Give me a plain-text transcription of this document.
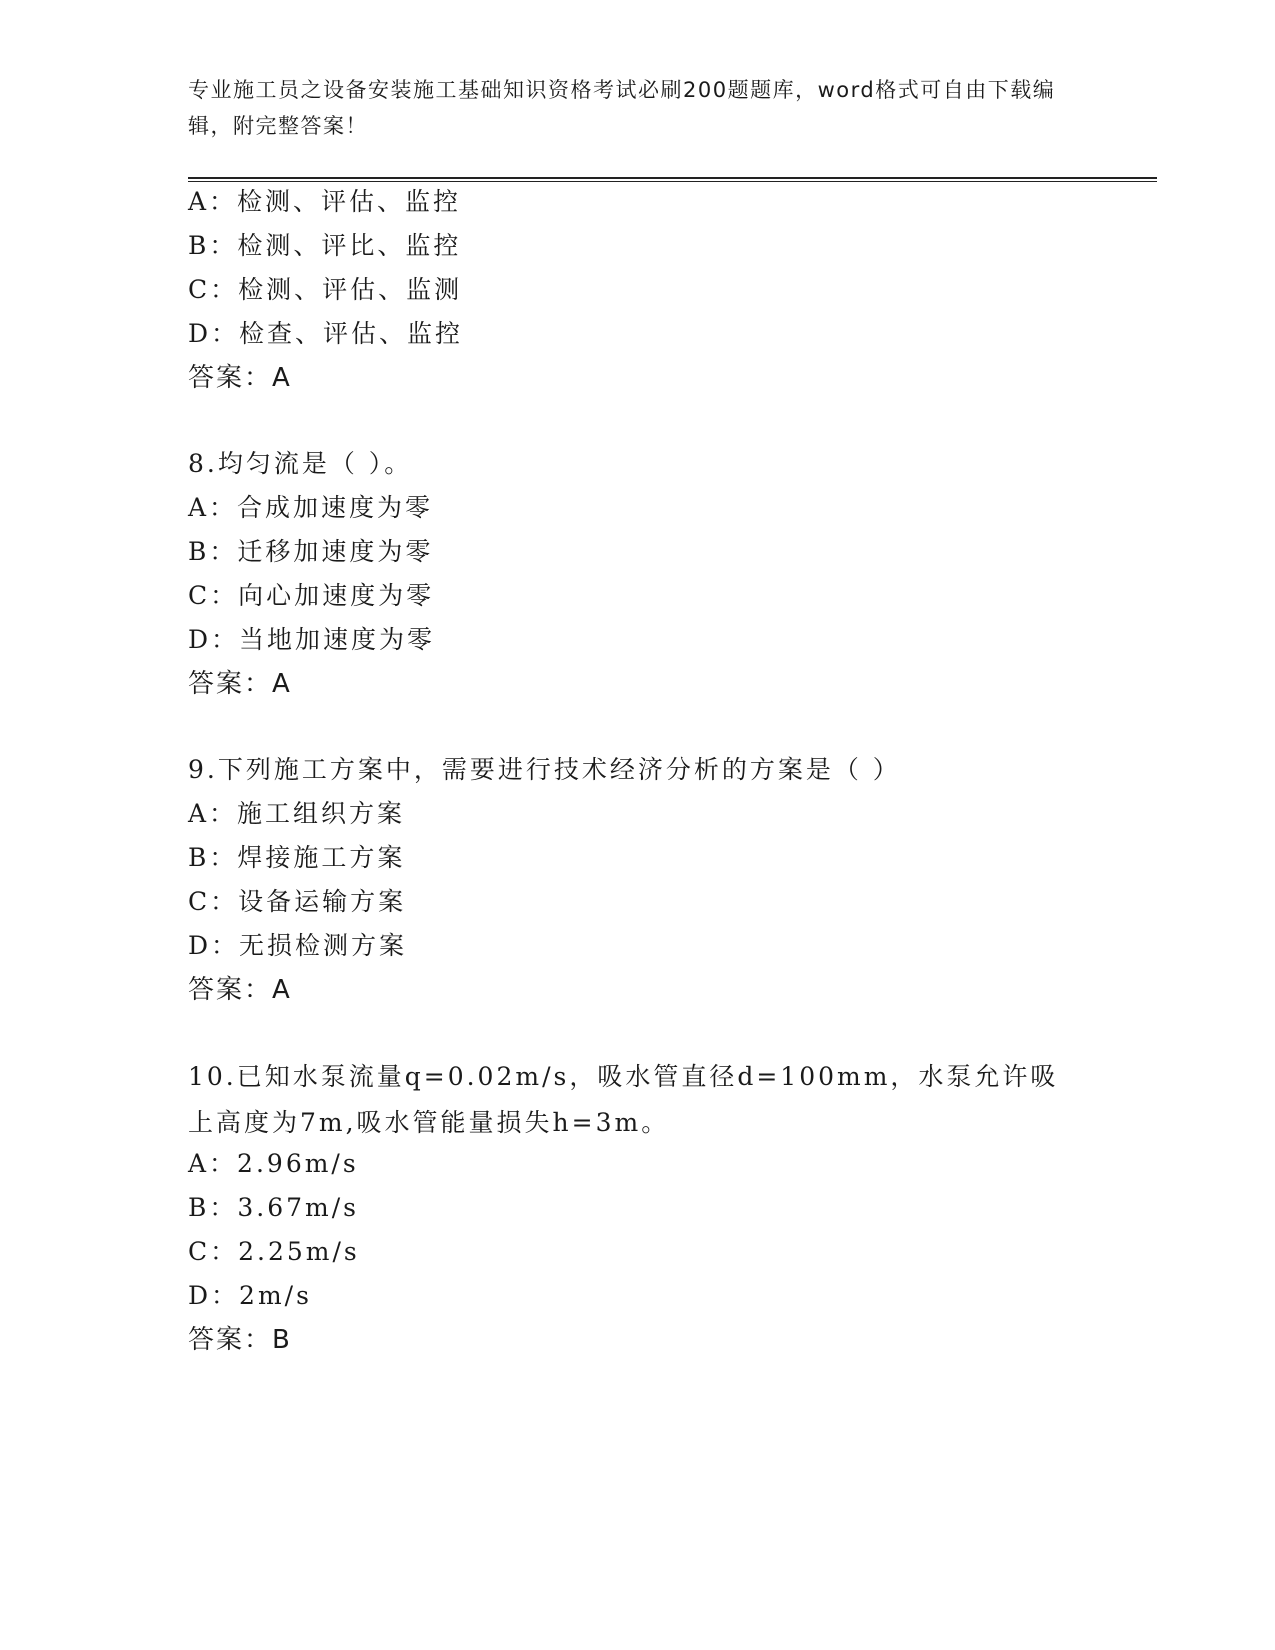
专业施工员之设备安装施工基础知识资格考试必刷200题题库，word格式可自由下载编辑，附完整答案！

A：检测、评估、监控
B：检测、评比、监控
C：检测、评估、监测
D：检查、评估、监控
答案：A
8.均匀流是（ ）。
A：合成加速度为零
B：迁移加速度为零
C：向心加速度为零
D：当地加速度为零
答案：A
9.下列施工方案中，需要进行技术经济分析的方案是（ ）
A：施工组织方案
B：焊接施工方案
C：设备运输方案
D：无损检测方案
答案：A
10.已知水泵流量q=0.02m/s，吸水管直径d=100mm，水泵允许吸上高度为7m,吸水管能量损失h=3m。
A：2.96m/s
B：3.67m/s
C：2.25m/s
D：2m/s
答案：B
